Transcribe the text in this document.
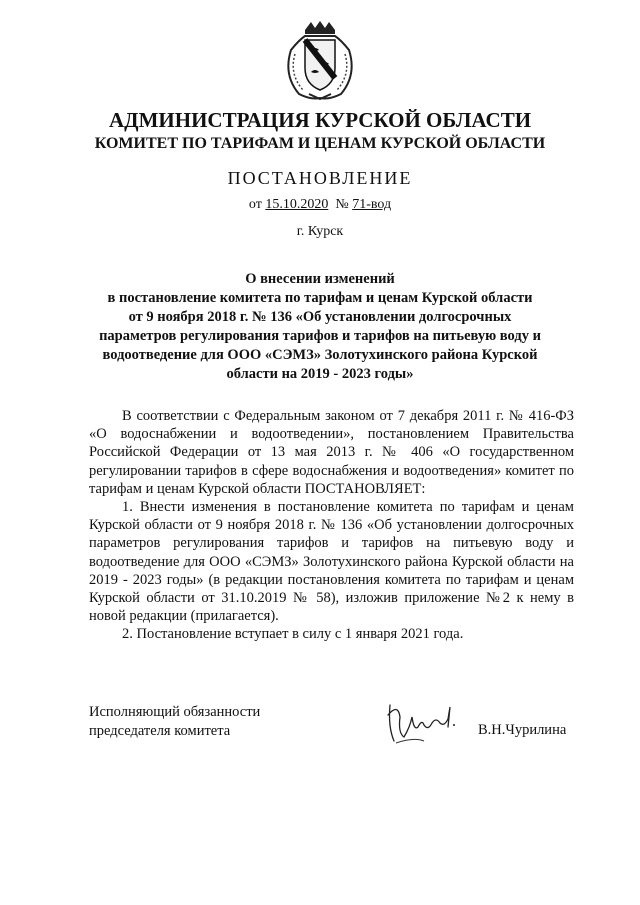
АДМИНИСТРАЦИЯ КУРСКОЙ ОБЛАСТИ
КОМИТЕТ ПО ТАРИФАМ И ЦЕНАМ КУРСКОЙ ОБЛАСТИ
ПОСТАНОВЛЕНИЕ
от 15.10.2020 № 71-вод
г. Курск
О внесении изменений
в постановление комитета по тарифам и ценам Курской области
от 9 ноября 2018 г. № 136 «Об установлении долгосрочных
параметров регулирования тарифов и тарифов на питьевую воду и
водоотведение для ООО «СЭМЗ» Золотухинского района Курской
области на 2019 - 2023 годы»

В соответствии с Федеральным законом от 7 декабря 2011 г. № 416-ФЗ «О водоснабжении и водоотведении», постановлением Правительства Российской Федерации от 13 мая 2013 г. № 406 «О государственном регулировании тарифов в сфере водоснабжения и водоотведения» комитет по тарифам и ценам Курской области ПОСТАНОВЛЯЕТ:

1. Внести изменения в постановление комитета по тарифам и ценам Курской области от 9 ноября 2018 г. № 136 «Об установлении долгосрочных параметров регулирования тарифов и тарифов на питьевую воду и водоотведение для ООО «СЭМЗ» Золотухинского района Курской области на 2019 - 2023 годы» (в редакции постановления комитета по тарифам и ценам Курской области от 31.10.2019 № 58), изложив приложение №2 к нему в новой редакции (прилагается).

2. Постановление вступает в силу с 1 января 2021 года.

Исполняющий обязанности
председателя комитета	В.Н.Чурилина
